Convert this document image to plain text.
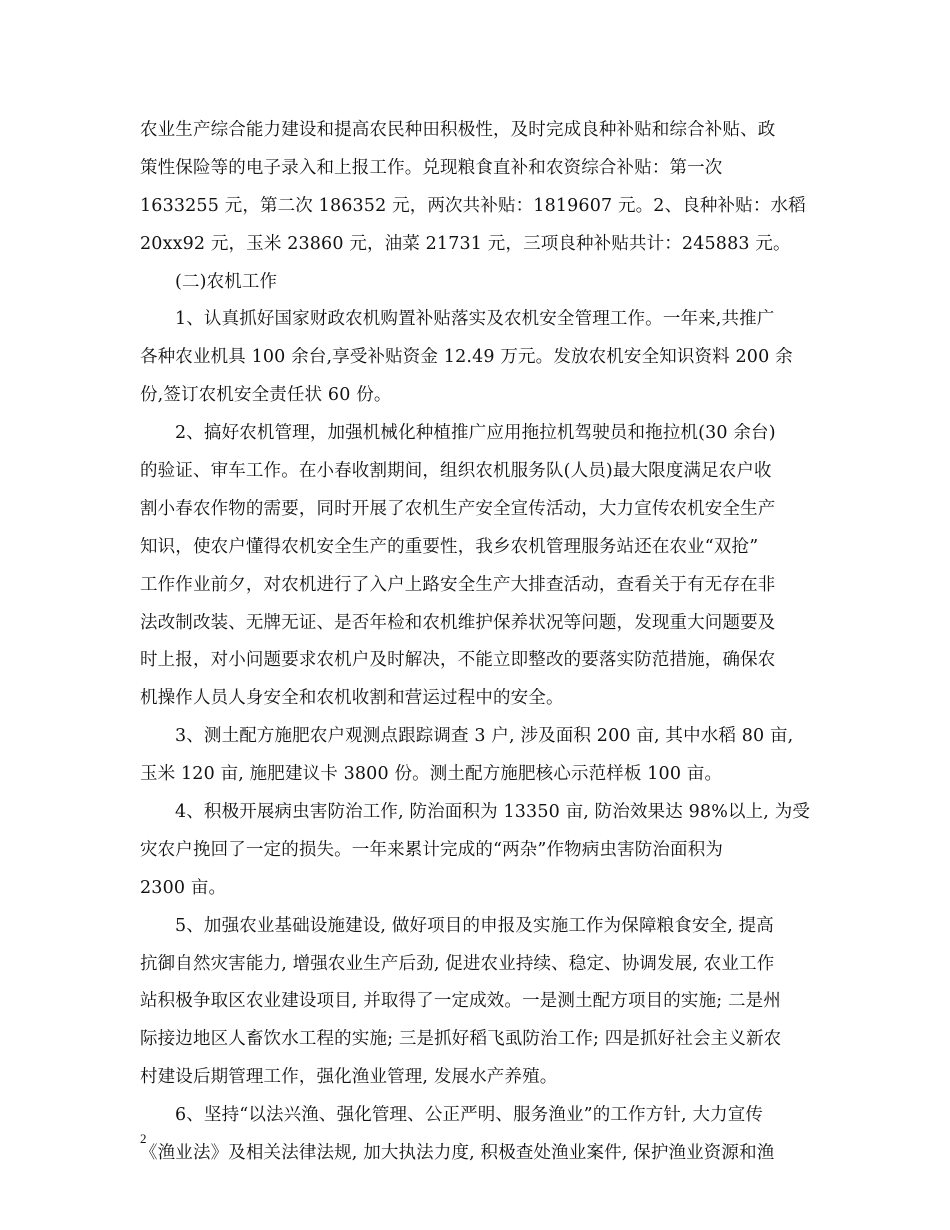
农业生产综合能力建设和提高农民种田积极性，及时完成良种补贴和综合补贴、政
策性保险等的电子录入和上报工作。兑现粮食直补和农资综合补贴：第一次
1633255 元，第二次 186352 元，两次共补贴：1819607 元。2、良种补贴：水稻
20xx92 元，玉米 23860 元，油菜 21731 元，三项良种补贴共计：245883 元。
(二)农机工作
1、认真抓好国家财政农机购置补贴落实及农机安全管理工作。一年来,共推广
各种农业机具 100 余台,享受补贴资金 12.49 万元。发放农机安全知识资料 200 余
份,签订农机安全责任状 60 份。
2、搞好农机管理，加强机械化种植推广应用拖拉机驾驶员和拖拉机(30 余台)
的验证、审车工作。在小春收割期间，组织农机服务队(人员)最大限度满足农户收
割小春农作物的需要，同时开展了农机生产安全宣传活动，大力宣传农机安全生产
知识，使农户懂得农机安全生产的重要性，我乡农机管理服务站还在农业“双抢”
工作作业前夕，对农机进行了入户上路安全生产大排查活动，查看关于有无存在非
法改制改装、无牌无证、是否年检和农机维护保养状况等问题，发现重大问题要及
时上报，对小问题要求农机户及时解决，不能立即整改的要落实防范措施，确保农
机操作人员人身安全和农机收割和营运过程中的安全。
3、测土配方施肥农户观测点跟踪调查 3 户, 涉及面积 200 亩, 其中水稻 80 亩,
玉米 120 亩, 施肥建议卡 3800 份。测土配方施肥核心示范样板 100 亩。
4、积极开展病虫害防治工作, 防治面积为 13350 亩, 防治效果达 98%以上, 为受
灾农户挽回了一定的损失。一年来累计完成的“两杂”作物病虫害防治面积为
2300 亩。
5、加强农业基础设施建设, 做好项目的申报及实施工作为保障粮食安全, 提高
抗御自然灾害能力, 增强农业生产后劲, 促进农业持续、稳定、协调发展, 农业工作
站积极争取区农业建设项目, 并取得了一定成效。一是测土配方项目的实施; 二是州
际接边地区人畜饮水工程的实施; 三是抓好稻飞虱防治工作; 四是抓好社会主义新农
村建设后期管理工作，强化渔业管理, 发展水产养殖。
6、坚持“以法兴渔、强化管理、公正严明、服务渔业”的工作方针, 大力宣传
《渔业法》及相关法律法规, 加大执法力度, 积极查处渔业案件, 保护渔业资源和渔
2
